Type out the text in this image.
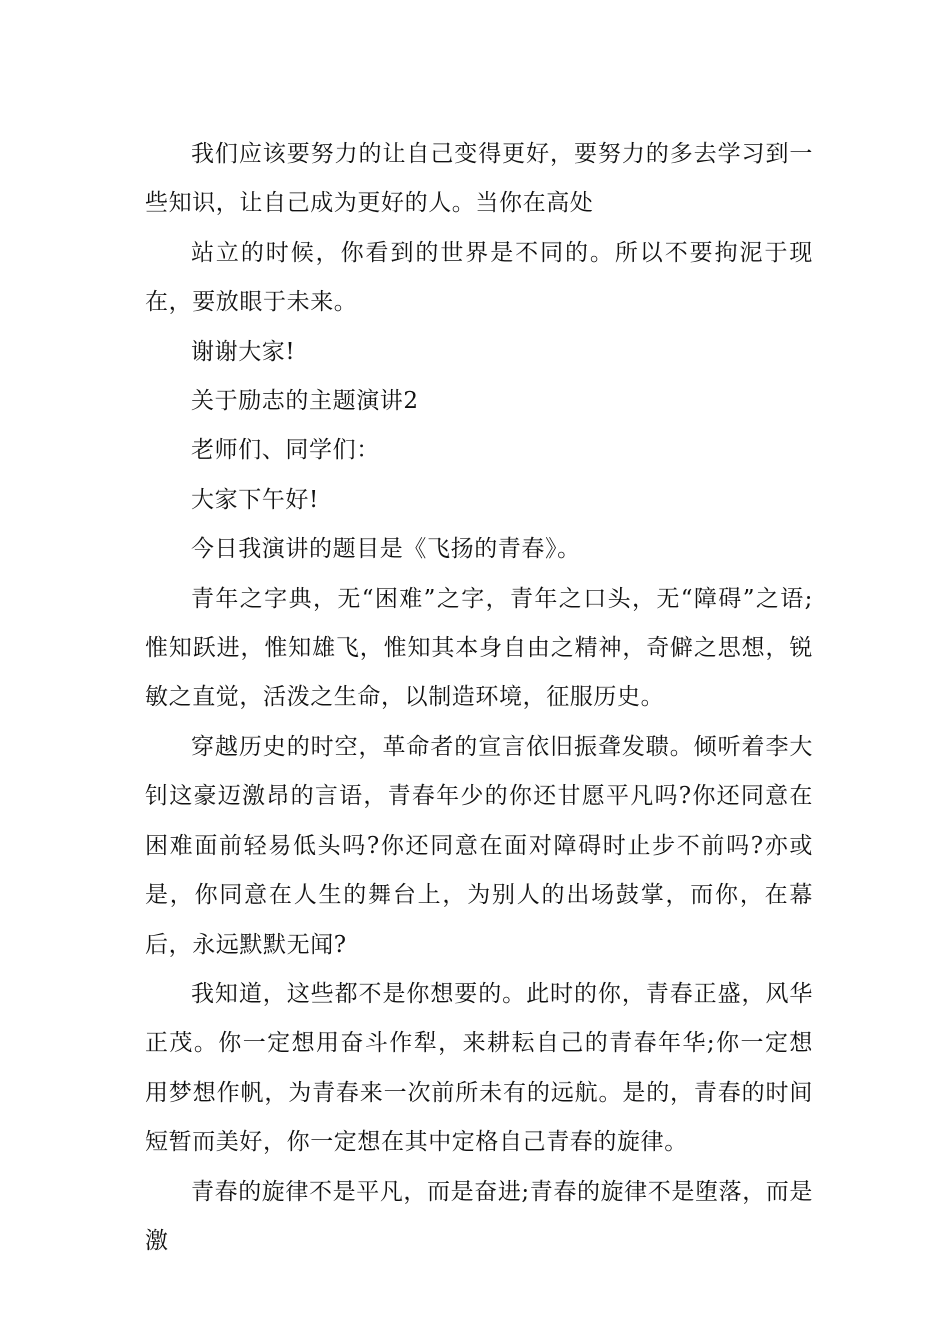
我们应该要努力的让自己变得更好，要努力的多去学习到一些知识，让自己成为更好的人。当你在高处

站立的时候，你看到的世界是不同的。所以不要拘泥于现在，要放眼于未来。

谢谢大家!

关于励志的主题演讲2

老师们、同学们：

大家下午好!

今日我演讲的题目是《飞扬的青春》。

青年之字典，无“困难”之字，青年之口头，无“障碍”之语;惟知跃进，惟知雄飞，惟知其本身自由之精神，奇僻之思想，锐敏之直觉，活泼之生命，以制造环境，征服历史。

穿越历史的时空，革命者的宣言依旧振聋发聩。倾听着李大钊这豪迈激昂的言语，青春年少的你还甘愿平凡吗?你还同意在困难面前轻易低头吗?你还同意在面对障碍时止步不前吗?亦或是，你同意在人生的舞台上，为别人的出场鼓掌，而你，在幕后，永远默默无闻?

我知道，这些都不是你想要的。此时的你，青春正盛，风华正茂。你一定想用奋斗作犁，来耕耘自己的青春年华;你一定想用梦想作帆，为青春来一次前所未有的远航。是的，青春的时间短暂而美好，你一定想在其中定格自己青春的旋律。

青春的旋律不是平凡，而是奋进;青春的旋律不是堕落，而是激
